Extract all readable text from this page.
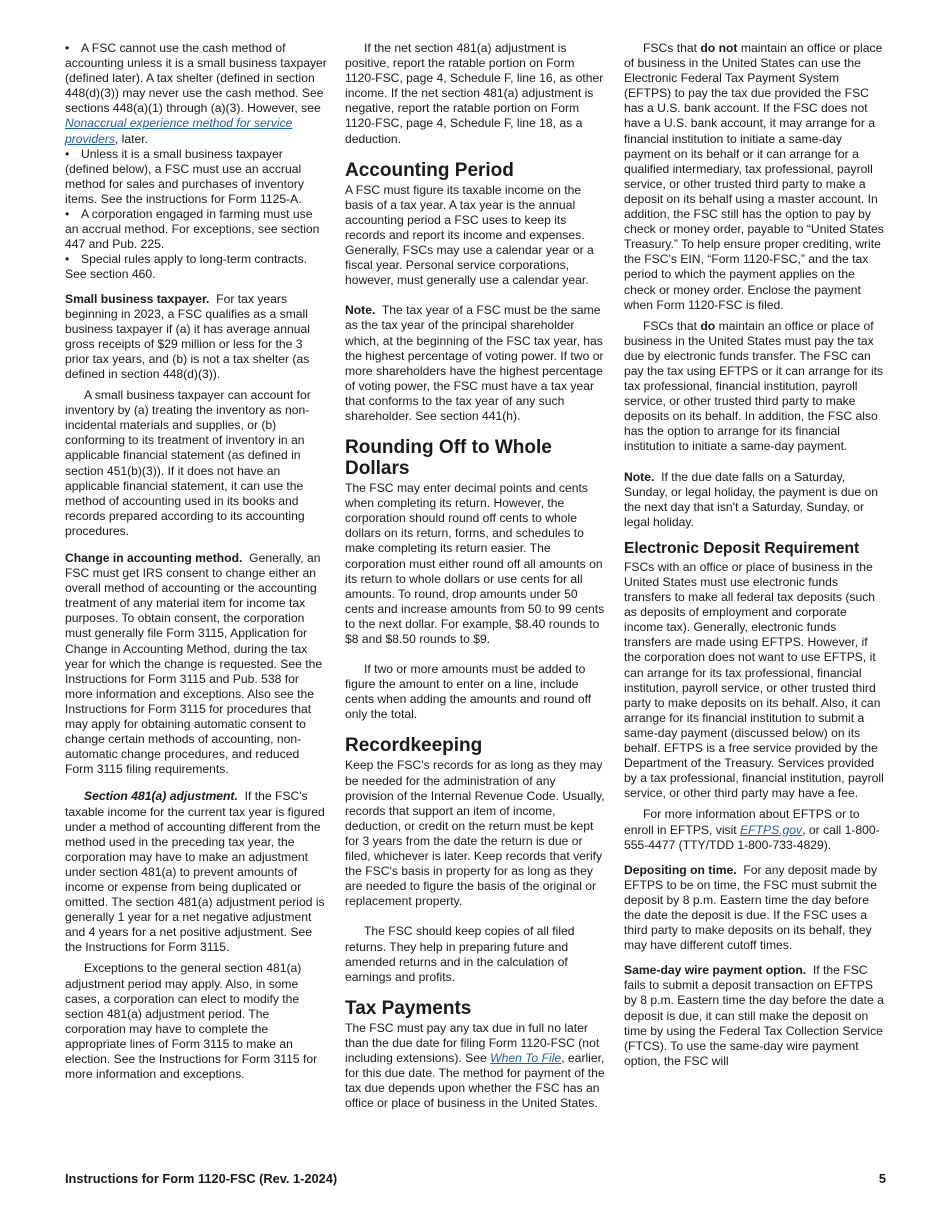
• A FSC cannot use the cash method of accounting unless it is a small business taxpayer (defined later). A tax shelter (defined in section 448(d)(3)) may never use the cash method. See sections 448(a)(1) through (a)(3). However, see Nonaccrual experience method for service providers, later.

• Unless it is a small business taxpayer (defined below), a FSC must use an accrual method for sales and purchases of inventory items. See the instructions for Form 1125-A.

• A corporation engaged in farming must use an accrual method. For exceptions, see section 447 and Pub. 225.

• Special rules apply to long-term contracts. See section 460.

Small business taxpayer. For tax years beginning in 2023, a FSC qualifies as a small business taxpayer if (a) it has average annual gross receipts of $29 million or less for the 3 prior tax years, and (b) is not a tax shelter (as defined in section 448(d)(3)).

A small business taxpayer can account for inventory by (a) treating the inventory as non-incidental materials and supplies, or (b) conforming to its treatment of inventory in an applicable financial statement (as defined in section 451(b)(3)). If it does not have an applicable financial statement, it can use the method of accounting used in its books and records prepared according to its accounting procedures.

Change in accounting method. Generally, an FSC must get IRS consent to change either an overall method of accounting or the accounting treatment of any material item for income tax purposes. To obtain consent, the corporation must generally file Form 3115, Application for Change in Accounting Method, during the tax year for which the change is requested. See the Instructions for Form 3115 and Pub. 538 for more information and exceptions. Also see the Instructions for Form 3115 for procedures that may apply for obtaining automatic consent to change certain methods of accounting, non-automatic change procedures, and reduced Form 3115 filing requirements.

Section 481(a) adjustment. If the FSC's taxable income for the current tax year is figured under a method of accounting different from the method used in the preceding tax year, the corporation may have to make an adjustment under section 481(a) to prevent amounts of income or expense from being duplicated or omitted. The section 481(a) adjustment period is generally 1 year for a net negative adjustment and 4 years for a net positive adjustment. See the Instructions for Form 3115.

Exceptions to the general section 481(a) adjustment period may apply. Also, in some cases, a corporation can elect to modify the section 481(a) adjustment period. The corporation may have to complete the appropriate lines of Form 3115 to make an election. See the Instructions for Form 3115 for more information and exceptions.

If the net section 481(a) adjustment is positive, report the ratable portion on Form 1120-FSC, page 4, Schedule F, line 16, as other income. If the net section 481(a) adjustment is negative, report the ratable portion on Form 1120-FSC, page 4, Schedule F, line 18, as a deduction.

Accounting Period

A FSC must figure its taxable income on the basis of a tax year. A tax year is the annual accounting period a FSC uses to keep its records and report its income and expenses. Generally, FSCs may use a calendar year or a fiscal year. Personal service corporations, however, must generally use a calendar year.

Note. The tax year of a FSC must be the same as the tax year of the principal shareholder which, at the beginning of the FSC tax year, has the highest percentage of voting power. If two or more shareholders have the highest percentage of voting power, the FSC must have a tax year that conforms to the tax year of any such shareholder. See section 441(h).

Rounding Off to Whole Dollars

The FSC may enter decimal points and cents when completing its return. However, the corporation should round off cents to whole dollars on its return, forms, and schedules to make completing its return easier. The corporation must either round off all amounts on its return to whole dollars or use cents for all amounts. To round, drop amounts under 50 cents and increase amounts from 50 to 99 cents to the next dollar. For example, $8.40 rounds to $8 and $8.50 rounds to $9.

If two or more amounts must be added to figure the amount to enter on a line, include cents when adding the amounts and round off only the total.

Recordkeeping

Keep the FSC's records for as long as they may be needed for the administration of any provision of the Internal Revenue Code. Usually, records that support an item of income, deduction, or credit on the return must be kept for 3 years from the date the return is due or filed, whichever is later. Keep records that verify the FSC's basis in property for as long as they are needed to figure the basis of the original or replacement property.

The FSC should keep copies of all filed returns. They help in preparing future and amended returns and in the calculation of earnings and profits.

Tax Payments

The FSC must pay any tax due in full no later than the due date for filing Form 1120-FSC (not including extensions). See When To File, earlier, for this due date. The method for payment of the tax due depends upon whether the FSC has an office or place of business in the United States.

FSCs that do not maintain an office or place of business in the United States can use the Electronic Federal Tax Payment System (EFTPS) to pay the tax due provided the FSC has a U.S. bank account. If the FSC does not have a U.S. bank account, it may arrange for a financial institution to initiate a same-day payment on its behalf or it can arrange for a qualified intermediary, tax professional, payroll service, or other trusted third party to make a deposit on its behalf using a master account. In addition, the FSC still has the option to pay by check or money order, payable to “United States Treasury.” To help ensure proper crediting, write the FSC's EIN, “Form 1120-FSC,” and the tax period to which the payment applies on the check or money order. Enclose the payment when Form 1120-FSC is filed.

FSCs that do maintain an office or place of business in the United States must pay the tax due by electronic funds transfer. The FSC can pay the tax using EFTPS or it can arrange for its tax professional, financial institution, payroll service, or other trusted third party to make deposits on its behalf. In addition, the FSC also has the option to arrange for its financial institution to initiate a same-day payment.

Note. If the due date falls on a Saturday, Sunday, or legal holiday, the payment is due on the next day that isn't a Saturday, Sunday, or legal holiday.

Electronic Deposit Requirement

FSCs with an office or place of business in the United States must use electronic funds transfers to make all federal tax deposits (such as deposits of employment and corporate income tax). Generally, electronic funds transfers are made using EFTPS. However, if the corporation does not want to use EFTPS, it can arrange for its tax professional, financial institution, payroll service, or other trusted third party to make deposits on its behalf. Also, it can arrange for its financial institution to submit a same-day payment (discussed below) on its behalf. EFTPS is a free service provided by the Department of the Treasury. Services provided by a tax professional, financial institution, payroll service, or other third party may have a fee.

For more information about EFTPS or to enroll in EFTPS, visit EFTPS.gov, or call 1-800-555-4477 (TTY/TDD 1-800-733-4829).

Depositing on time. For any deposit made by EFTPS to be on time, the FSC must submit the deposit by 8 p.m. Eastern time the day before the date the deposit is due. If the FSC uses a third party to make deposits on its behalf, they may have different cutoff times.

Same-day wire payment option. If the FSC fails to submit a deposit transaction on EFTPS by 8 p.m. Eastern time the day before the date a deposit is due, it can still make the deposit on time by using the Federal Tax Collection Service (FTCS). To use the same-day wire payment option, the FSC will

Instructions for Form 1120-FSC (Rev. 1-2024)	5
